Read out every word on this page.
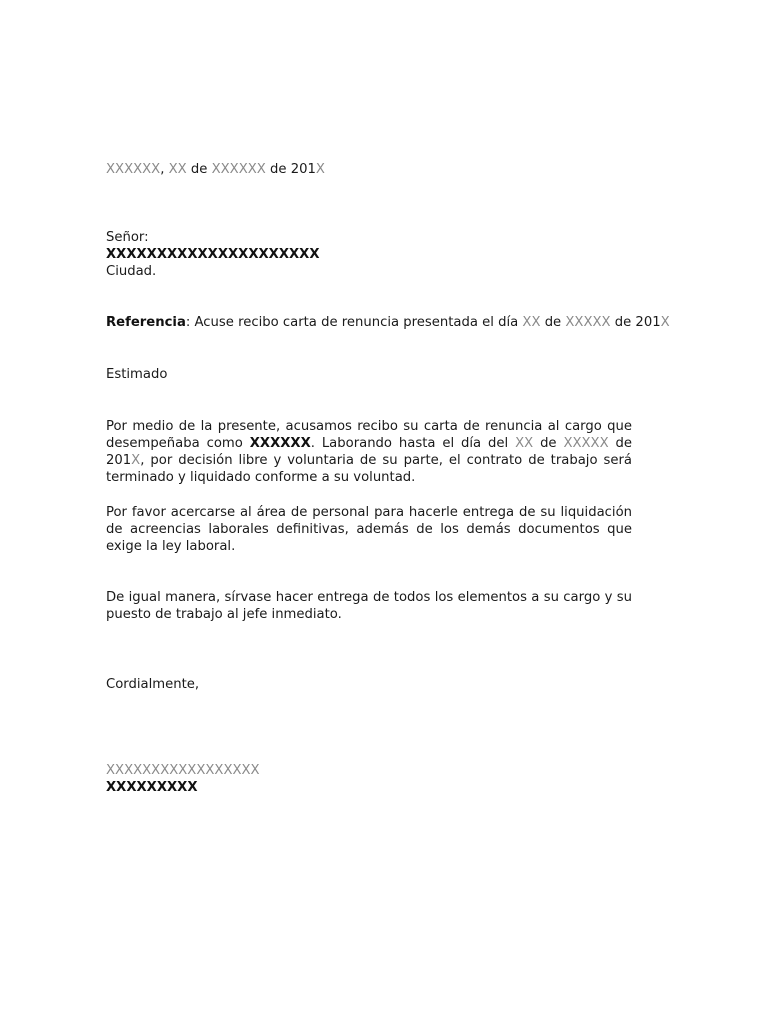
XXXXXX, XX de XXXXXX de 201X
Señor:
XXXXXXXXXXXXXXXXXXXXX
Ciudad.
Referencia: Acuse recibo carta de renuncia presentada el día XX de XXXXX de 201X
Estimado
Por medio de la presente, acusamos recibo su carta de renuncia al cargo que desempeñaba como XXXXXX. Laborando hasta el día del XX de XXXXX de 201X, por decisión libre y voluntaria de su parte, el contrato de trabajo será terminado y liquidado conforme a su voluntad.
Por favor acercarse al área de personal para hacerle entrega de su liquidación de acreencias laborales definitivas, además de los demás documentos que exige la ley laboral.
De igual manera, sírvase hacer entrega de todos los elementos a su cargo y su puesto de trabajo al jefe inmediato.
Cordialmente,
XXXXXXXXXXXXXXXXX
XXXXXXXXX
